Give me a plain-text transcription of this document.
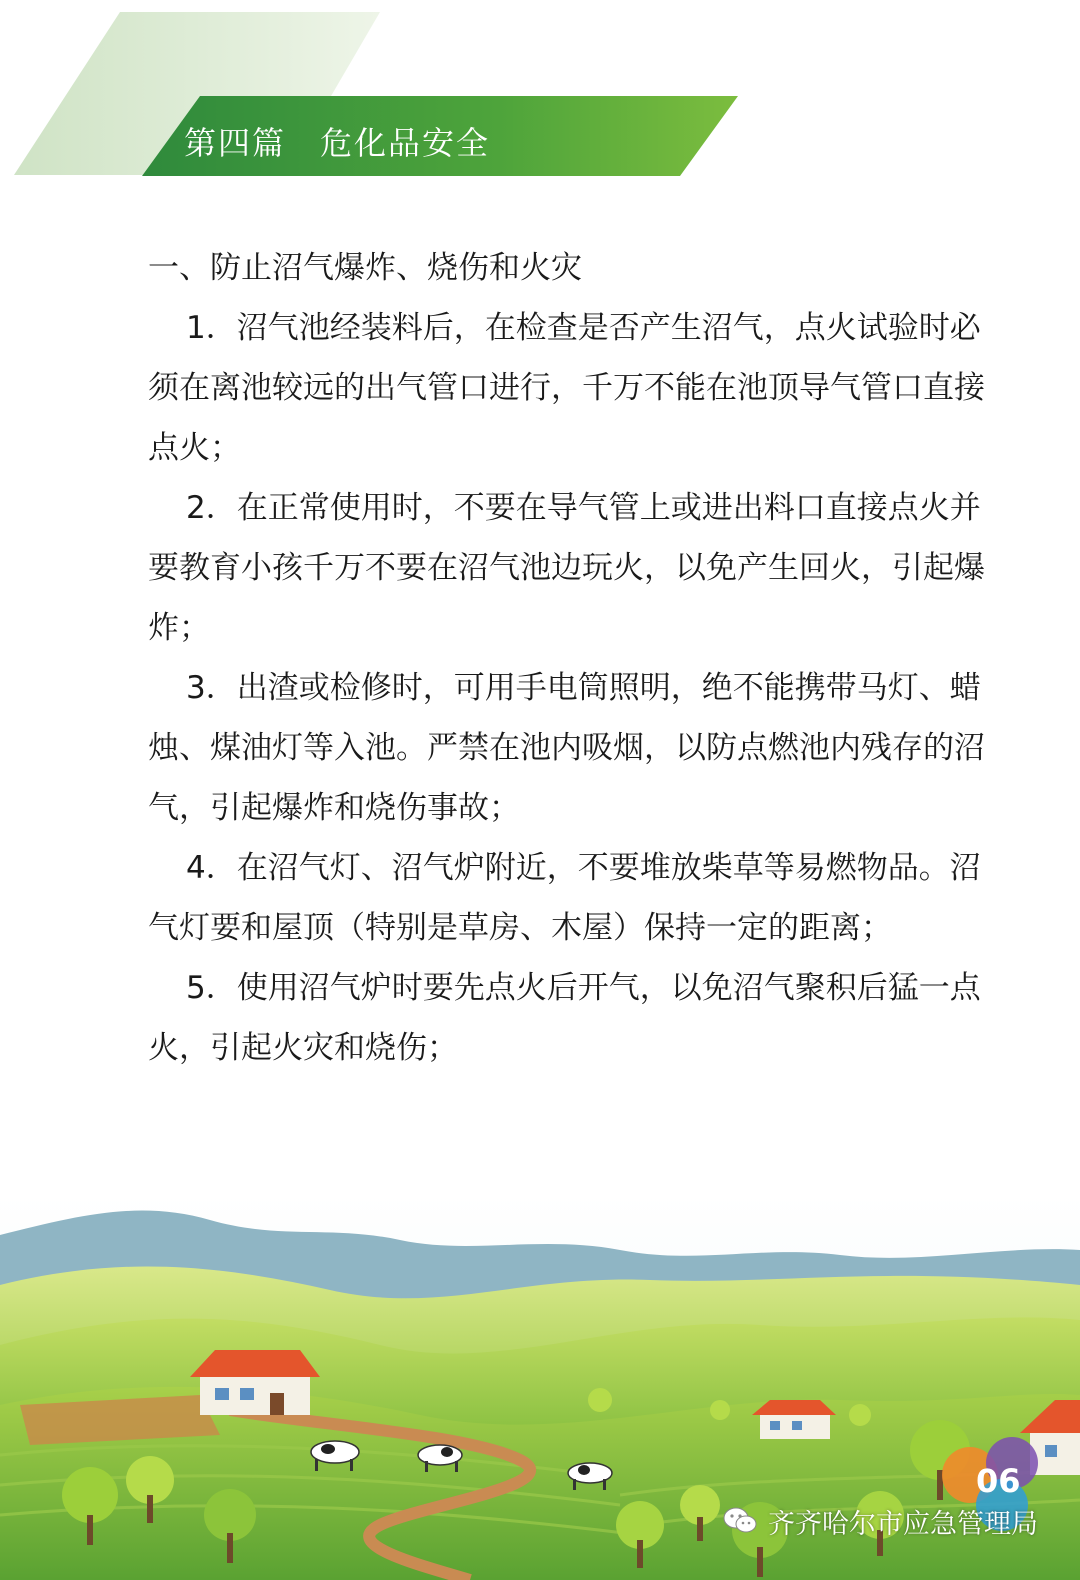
第四篇　危化品安全
一、防止沼气爆炸、烧伤和火灾

1．沼气池经装料后，在检查是否产生沼气，点火试验时必须在离池较远的出气管口进行，千万不能在池顶导气管口直接点火；

2．在正常使用时，不要在导气管上或进出料口直接点火并要教育小孩千万不要在沼气池边玩火，以免产生回火，引起爆炸；

3．出渣或检修时，可用手电筒照明，绝不能携带马灯、蜡烛、煤油灯等入池。严禁在池内吸烟，以防点燃池内残存的沼气，引起爆炸和烧伤事故；

4．在沼气灯、沼气炉附近，不要堆放柴草等易燃物品。沼气灯要和屋顶（特别是草房、木屋）保持一定的距离；

5．使用沼气炉时要先点火后开气，以免沼气聚积后猛一点火，引起火灾和烧伤；

06
齐齐哈尔市应急管理局
